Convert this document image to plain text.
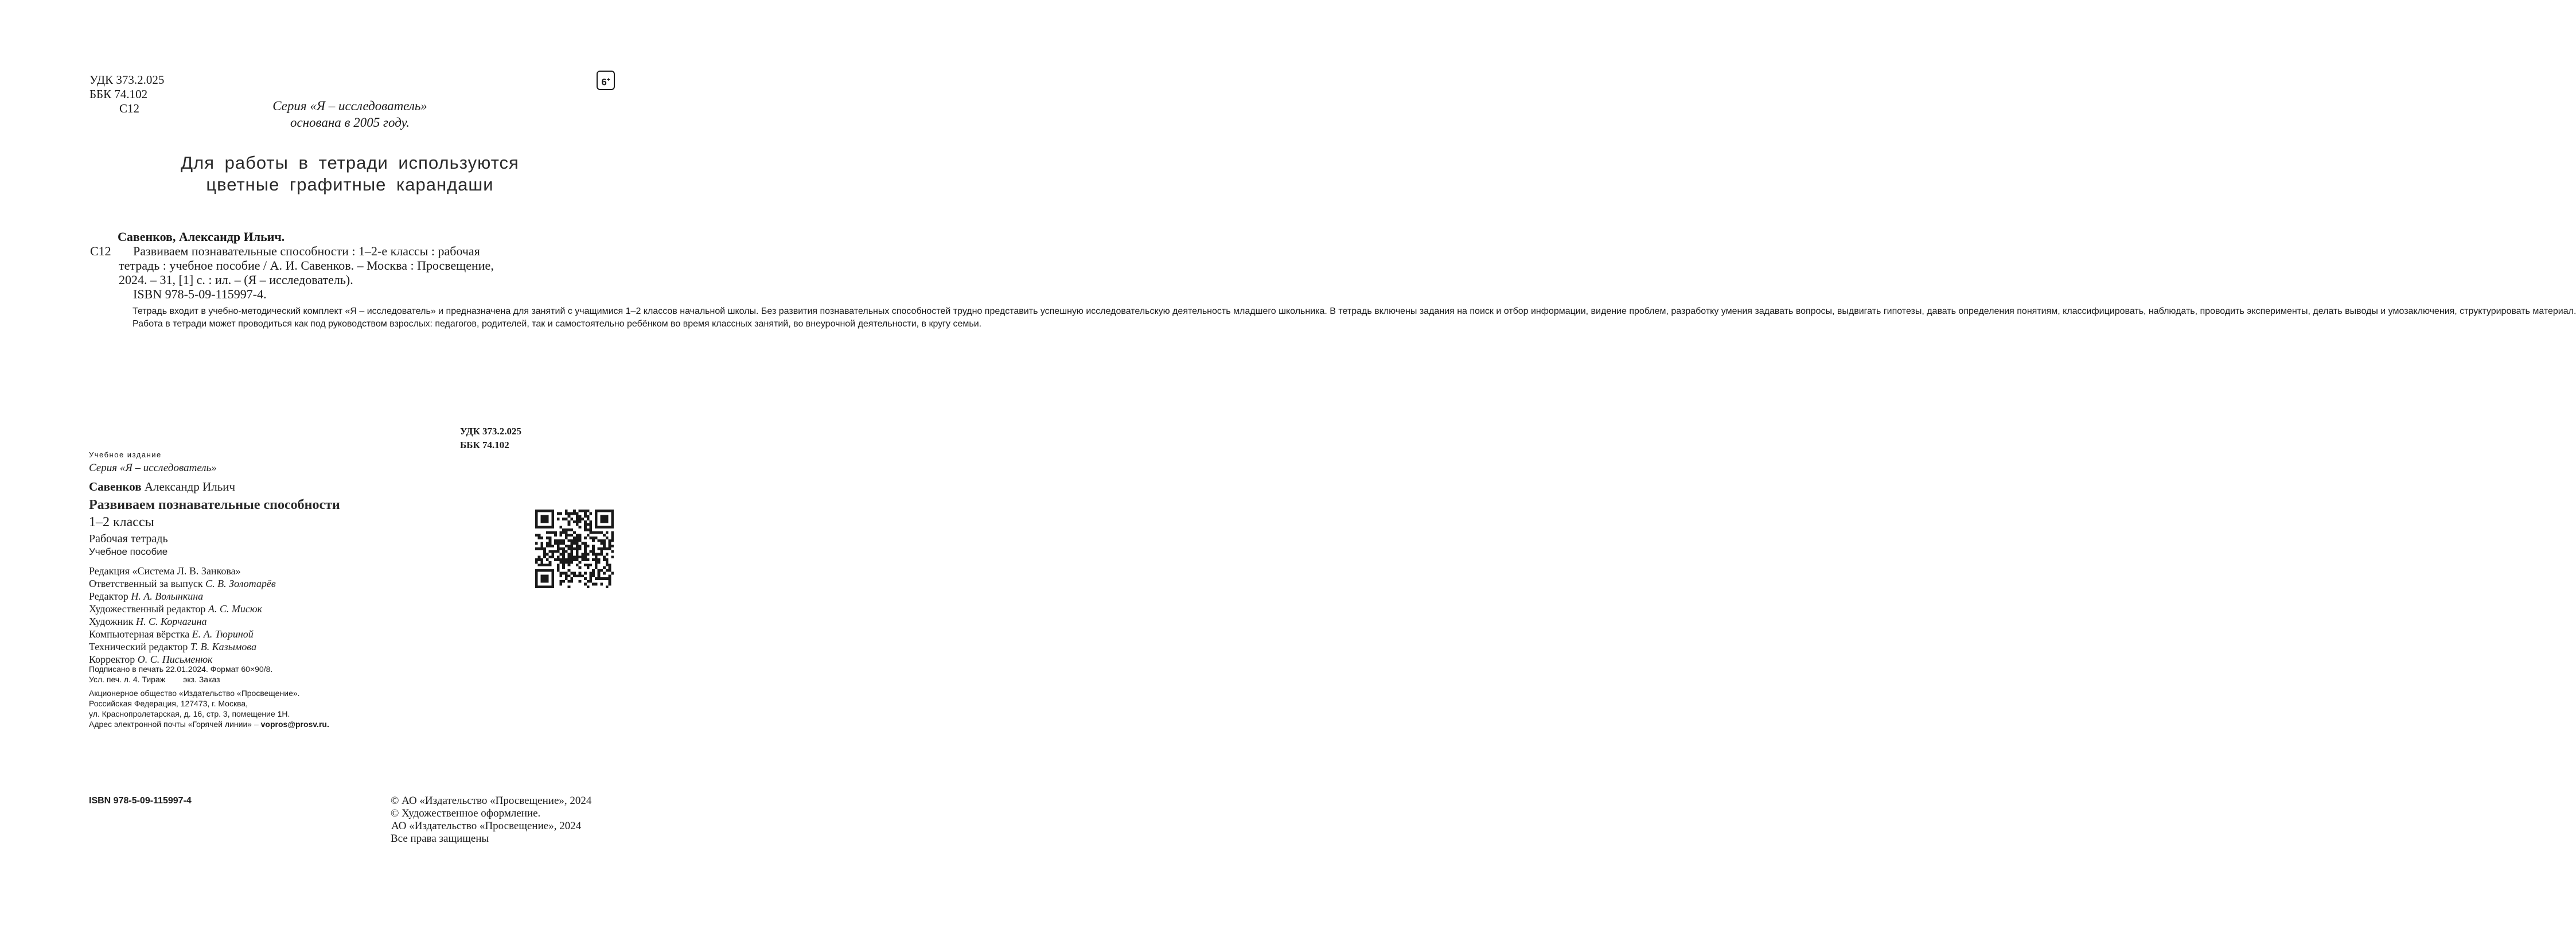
УДК 373.2.025
ББК 74.102
С12
6+
Серия «Я – исследователь»
основана в 2005 году.
Для работы в тетради используются
цветные графитные карандаши
Савенков, Александр Ильич.
С12 Развиваем познавательные способности : 1–2-е классы : рабочая
тетрадь : учебное пособие / А. И. Савенков. – Москва : Просвещение,
2024. – 31, [1] с. : ил. – (Я – исследователь).
ISBN 978-5-09-115997-4.

Тетрадь входит в учебно-методический комплект «Я – исследователь» и предназначена для занятий с учащимися 1–2 классов начальной школы. Без развития познавательных способностей трудно представить успешную исследовательскую деятельность младшего школьника. В тетрадь включены задания на поиск и отбор информации, видение проблем, разработку умения задавать вопросы, выдвигать гипотезы, давать определения понятиям, классифицировать, наблюдать, проводить эксперименты, делать выводы и умозаключения, структурировать материал.

Работа в тетради может проводиться как под руководством взрослых: педагогов, родителей, так и самостоятельно ребёнком во время классных занятий, во внеурочной деятельности, в кругу семьи.

УДК 373.2.025
ББК 74.102
Учебное издание
Серия «Я – исследователь»
Савенков Александр Ильич
Развиваем познавательные способности
1–2 классы
Рабочая тетрадь
Учебное пособие
Редакция «Система Л. В. Занкова»
Ответственный за выпуск С. В. Золотарёв
Редактор Н. А. Волынкина
Художественный редактор А. С. Мисюк
Художник Н. С. Корчагина
Компьютерная вёрстка Е. А. Тюриной
Технический редактор Т. В. Казымова
Корректор О. С. Письменюк
Подписано в печать 22.01.2024. Формат 60×90/8.
Усл. печ. л. 4. Тираж        экз. Заказ
Акционерное общество «Издательство «Просвещение».
Российская Федерация, 127473, г. Москва,
ул. Краснопролетарская, д. 16, стр. 3, помещение 1Н.
Адрес электронной почты «Горячей линии» – vopros@prosv.ru.
ISBN 978-5-09-115997-4	© АО «Издательство «Просвещение», 2024
© Художественное оформление.
АО «Издательство «Просвещение», 2024
Все права защищены
